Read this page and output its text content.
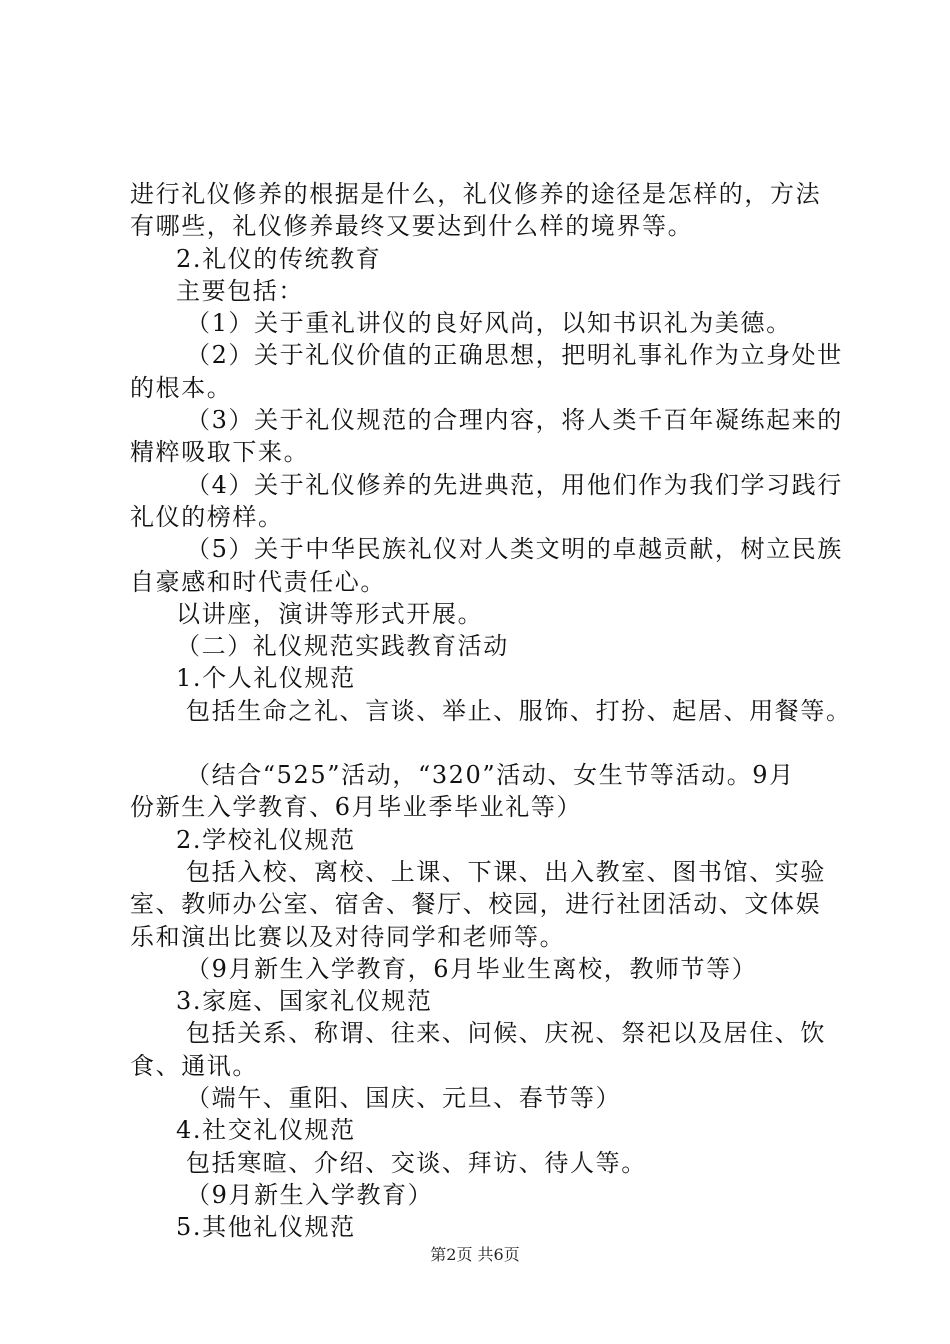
进行礼仪修养的根据是什么，礼仪修养的途径是怎样的，方法
有哪些，礼仪修养最终又要达到什么样的境界等。
2.礼仪的传统教育
主要包括：
（1）关于重礼讲仪的良好风尚，以知书识礼为美德。
（2）关于礼仪价值的正确思想，把明礼事礼作为立身处世
的根本。
（3）关于礼仪规范的合理内容，将人类千百年凝练起来的
精粹吸取下来。
（4）关于礼仪修养的先进典范，用他们作为我们学习践行
礼仪的榜样。
（5）关于中华民族礼仪对人类文明的卓越贡献，树立民族
自豪感和时代责任心。
以讲座，演讲等形式开展。
（二）礼仪规范实践教育活动
1.个人礼仪规范
包括生命之礼、言谈、举止、服饰、打扮、起居、用餐等。
（结合“525”活动，“320”活动、女生节等活动。9月
份新生入学教育、6月毕业季毕业礼等）
2.学校礼仪规范
包括入校、离校、上课、下课、出入教室、图书馆、实验
室、教师办公室、宿舍、餐厅、校园，进行社团活动、文体娱
乐和演出比赛以及对待同学和老师等。
（9月新生入学教育，6月毕业生离校，教师节等）
3.家庭、国家礼仪规范
包括关系、称谓、往来、问候、庆祝、祭祀以及居住、饮
食、通讯。
（端午、重阳、国庆、元旦、春节等）
4.社交礼仪规范
包括寒暄、介绍、交谈、拜访、待人等。
（9月新生入学教育）
5.其他礼仪规范
第2页 共6页
